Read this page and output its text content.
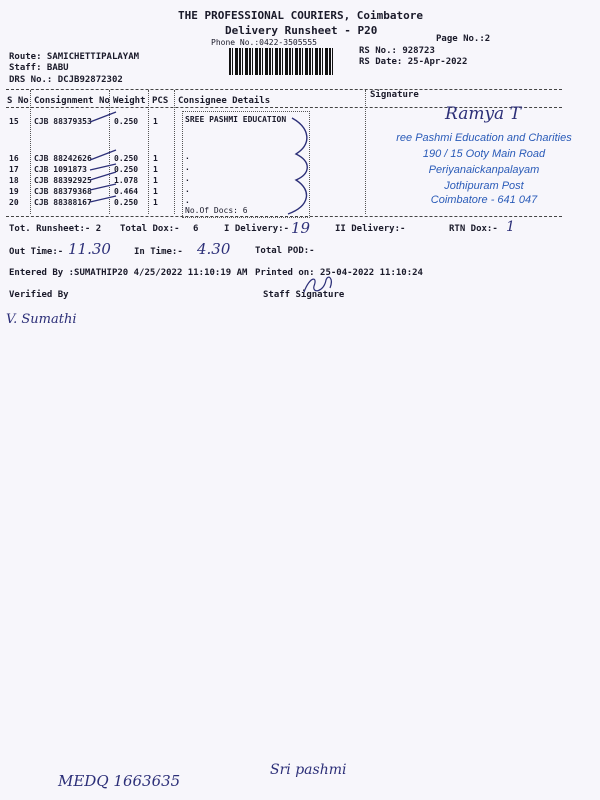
THE PROFESSIONAL COURIERS, Coimbatore
Delivery Runsheet - P20
Phone No.:0422-3505555	Page No.:2
RS No.: 928723
RS Date: 25-Apr-2022
Route: SAMICHETTIPALAYAM
Staff: BABU
DRS No.: DCJB92872302
S No Consignment No Weight PCS Consignee Details
Signature
15 CJB 88379353	0.250 1	SREE PASHMI EDUCATION
16 CJB 88242626	0.250 1	.
17 CJB 1091873	0.250 1	.
18 CJB 88392925	1.078 1	.
19 CJB 88379368	0.464 1	.
20 CJB 88388167	0.250 1	.
No.Of Docs: 6
Ramya T
ree Pashmi Education and Charities
190 / 15 Ooty Main Road
Periyanaickanpalayam
Jothipuram Post
Coimbatore - 641 047
Tot. Runsheet:- 2 Total Dox:- 6	I Delivery:- 19	II Delivery:-	RTN Dox:- 1
Out Time:- 11.30	In Time:- 4.30	Total POD:-
Entered By :SUMATHIP20 4/25/2022 11:10:19 AM Printed on: 25-04-2022 11:10:24
Verified By	Staff Signature
V. Sumathi
MEDQ 1663635
Sri pashmi
